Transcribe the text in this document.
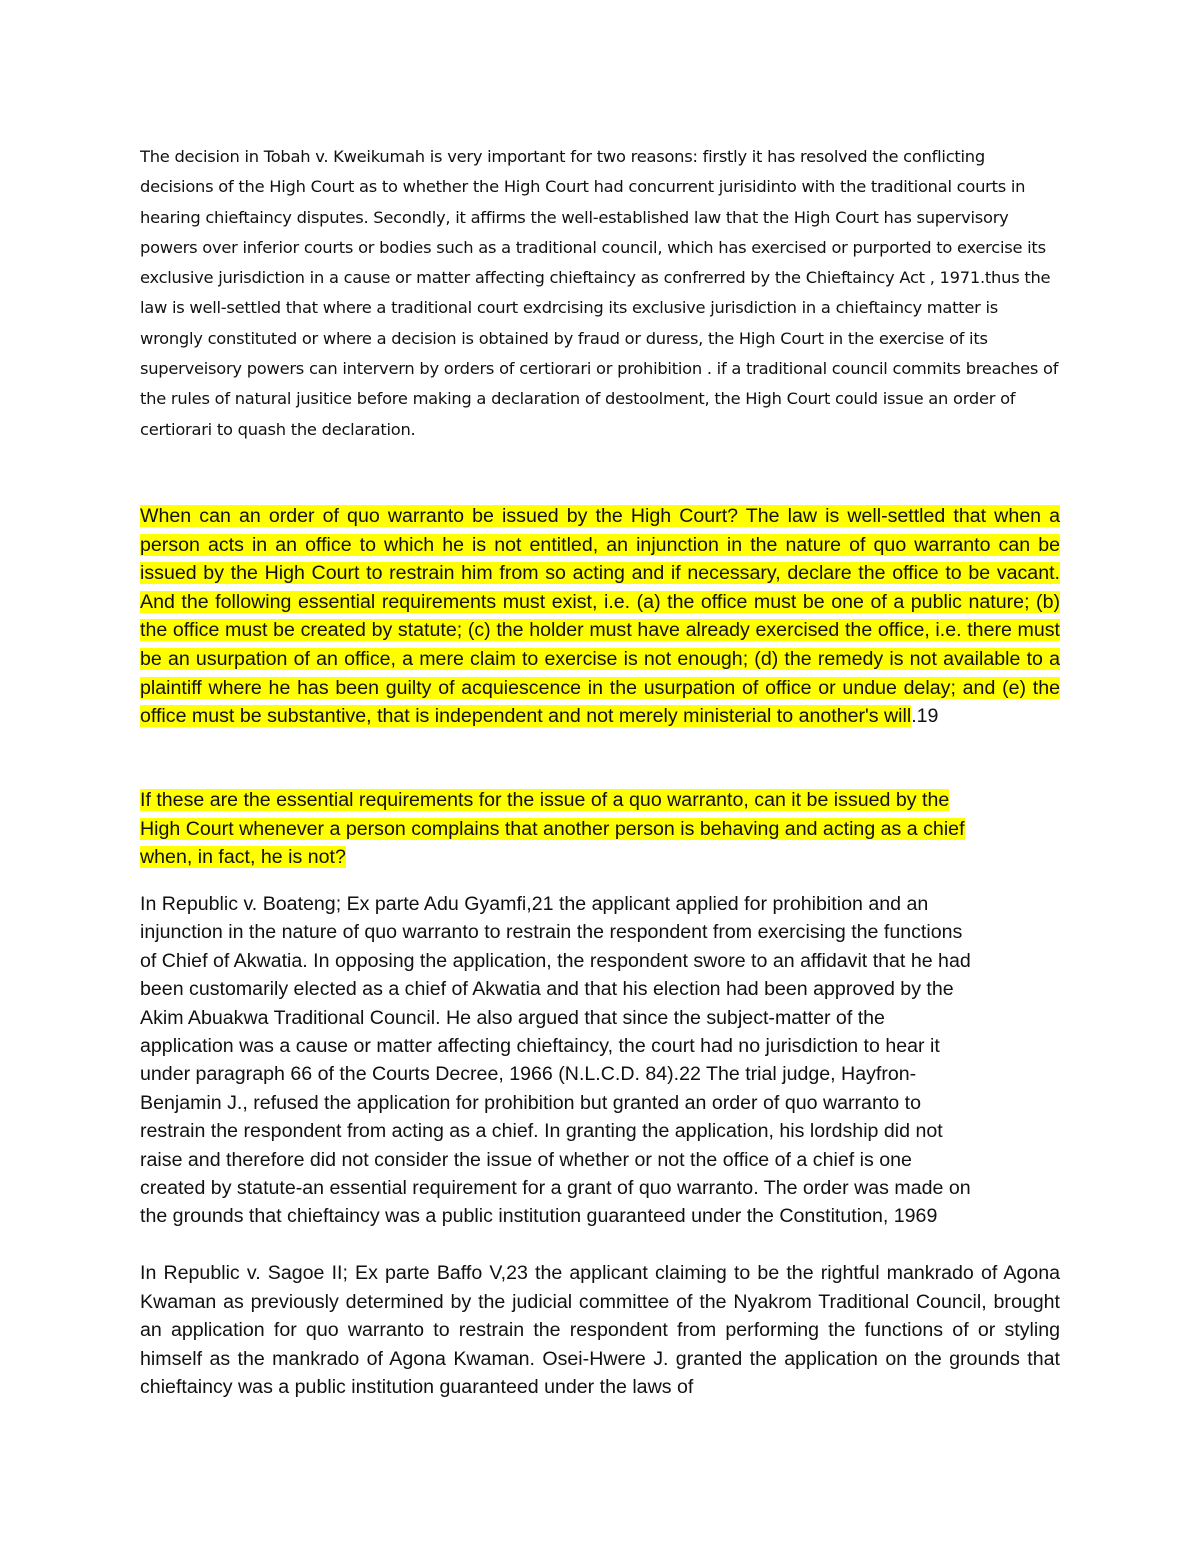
The decision in Tobah v. Kweikumah is very important for two reasons: firstly it has resolved the conflicting decisions of the High Court as to whether the High Court had concurrent jurisidinto with the traditional courts in hearing chieftaincy disputes. Secondly, it affirms the well-established law that the High Court has supervisory powers over inferior courts or bodies such as a traditional council, which has exercised or purported to exercise its exclusive jurisdiction in a cause or matter affecting chieftaincy as confrerred by the Chieftaincy Act , 1971.thus the law is well-settled that where a traditional court exdrcising its exclusive jurisdiction in a chieftaincy matter is wrongly constituted or where a decision is obtained by fraud or duress, the High Court in the exercise of its superveisory powers can intervern by orders of certiorari or prohibition . if a traditional council commits breaches of the rules of natural jusitice before making a declaration of destoolment, the High Court could issue an order of certiorari to quash the declaration.

When can an order of quo warranto be issued by the High Court? The law is well-settled that when a person acts in an office to which he is not entitled, an injunction in the nature of quo warranto can be issued by the High Court to restrain him from so acting and if necessary, declare the office to be vacant. And the following essential requirements must exist, i.e. (a) the office must be one of a public nature; (b) the office must be created by statute; (c) the holder must have already exercised the office, i.e. there must be an usurpation of an office, a mere claim to exercise is not enough; (d) the remedy is not available to a plaintiff where he has been guilty of acquiescence in the usurpation of office or undue delay; and (e) the office must be substantive, that is independent and not merely ministerial to another's will.19

If these are the essential requirements for the issue of a quo warranto, can it be issued by the
High Court whenever a person complains that another person is behaving and acting as a chief
when, in fact, he is not?

In Republic v. Boateng; Ex parte Adu Gyamfi,21 the applicant applied for prohibition and an
injunction in the nature of quo warranto to restrain the respondent from exercising the functions
of Chief of Akwatia. In opposing the application, the respondent swore to an affidavit that he had
been customarily elected as a chief of Akwatia and that his election had been approved by the
Akim Abuakwa Traditional Council. He also argued that since the subject-matter of the
application was a cause or matter affecting chieftaincy, the court had no jurisdiction to hear it
under paragraph 66 of the Courts Decree, 1966 (N.L.C.D. 84).22 The trial judge, Hayfron-
Benjamin J., refused the application for prohibition but granted an order of quo warranto to
restrain the respondent from acting as a chief. In granting the application, his lordship did not
raise and therefore did not consider the issue of whether or not the office of a chief is one
created by statute-an essential requirement for a grant of quo warranto. The order was made on
the grounds that chieftaincy was a public institution guaranteed under the Constitution, 1969

In Republic v. Sagoe II; Ex parte Baffo V,23 the applicant claiming to be the rightful mankrado of Agona Kwaman as previously determined by the judicial committee of the Nyakrom Traditional Council, brought an application for quo warranto to restrain the respondent from performing the functions of or styling himself as the mankrado of Agona Kwaman. Osei-Hwere J. granted the application on the grounds that chieftaincy was a public institution guaranteed under the laws of
